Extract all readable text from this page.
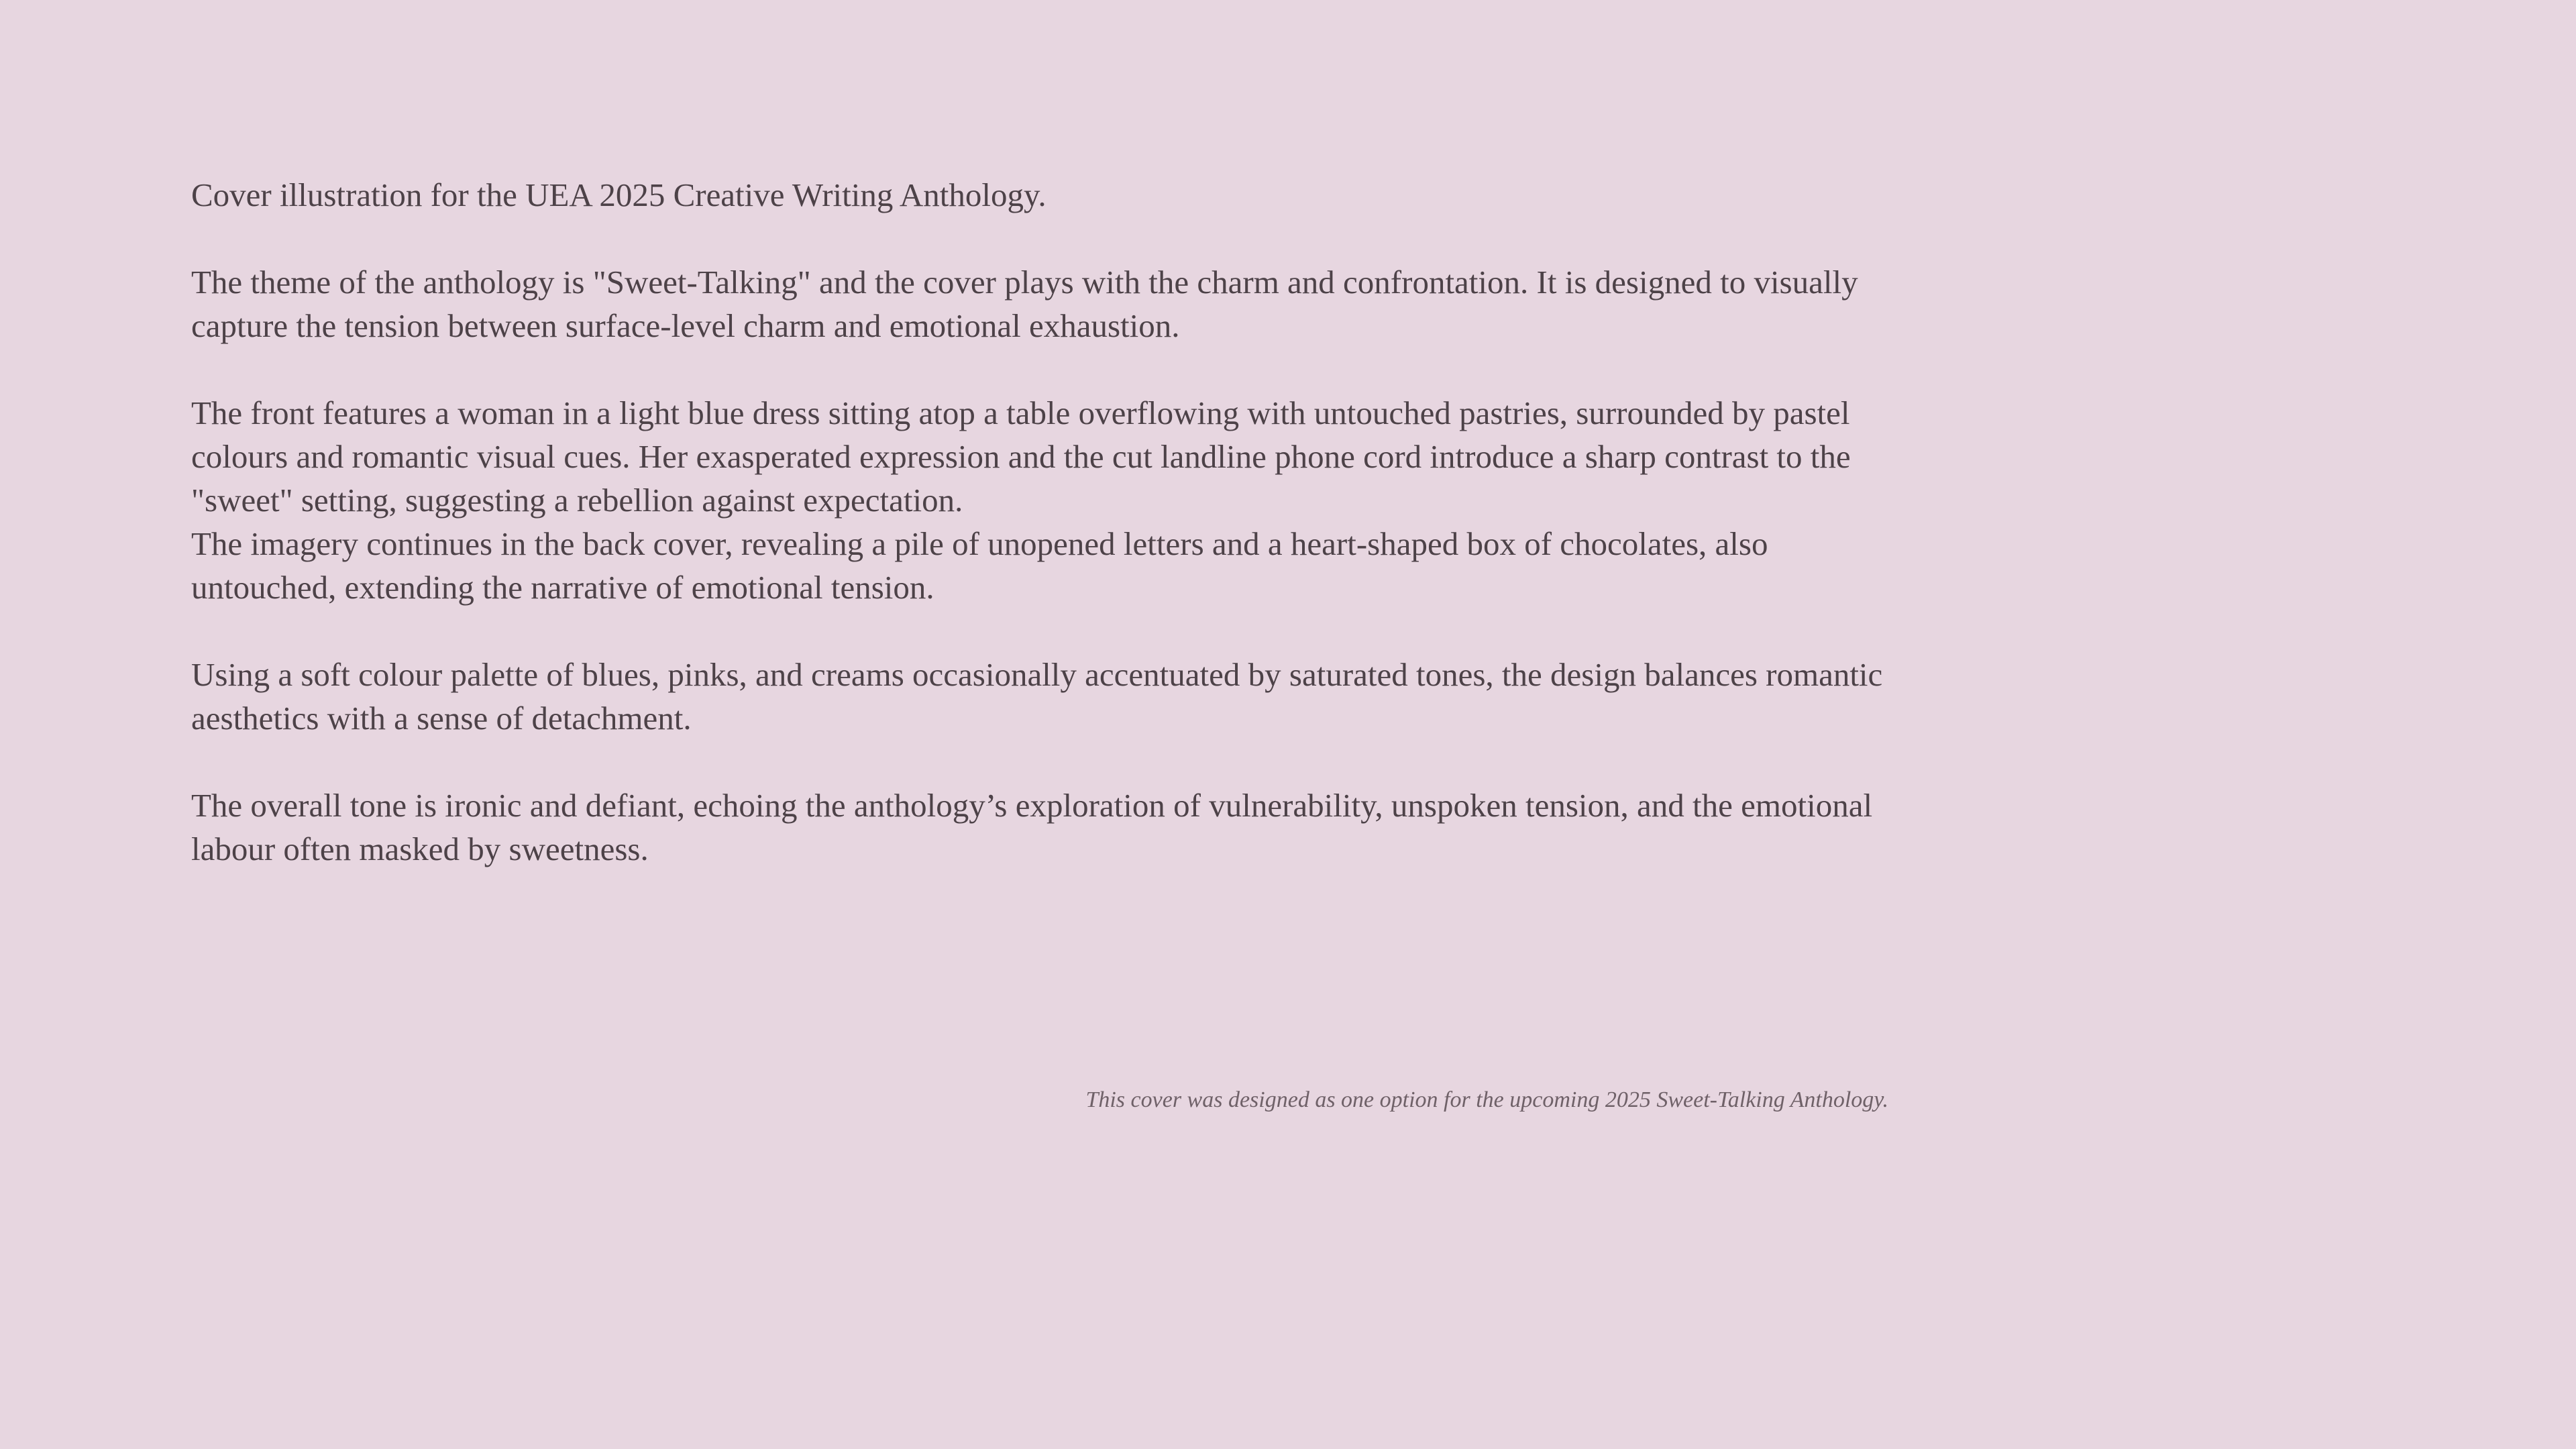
Cover illustration for the UEA 2025 Creative Writing Anthology.

The theme of the anthology is "Sweet-Talking" and the cover plays with the charm and confrontation. It is designed to visually capture the tension between surface-level charm and emotional exhaustion.

The front features a woman in a light blue dress sitting atop a table overflowing with untouched pastries, surrounded by pastel colours and romantic visual cues. Her exasperated expression and the cut landline phone cord introduce a sharp contrast to the "sweet" setting, suggesting a rebellion against expectation.

The imagery continues in the back cover, revealing a pile of unopened letters and a heart-shaped box of chocolates, also untouched, extending the narrative of emotional tension.

Using a soft colour palette of blues, pinks, and creams occasionally accentuated by saturated tones, the design balances romantic aesthetics with a sense of detachment.

The overall tone is ironic and defiant, echoing the anthology’s exploration of vulnerability, unspoken tension, and the emotional labour often masked by sweetness.

This cover was designed as one option for the upcoming 2025 Sweet-Talking Anthology.
